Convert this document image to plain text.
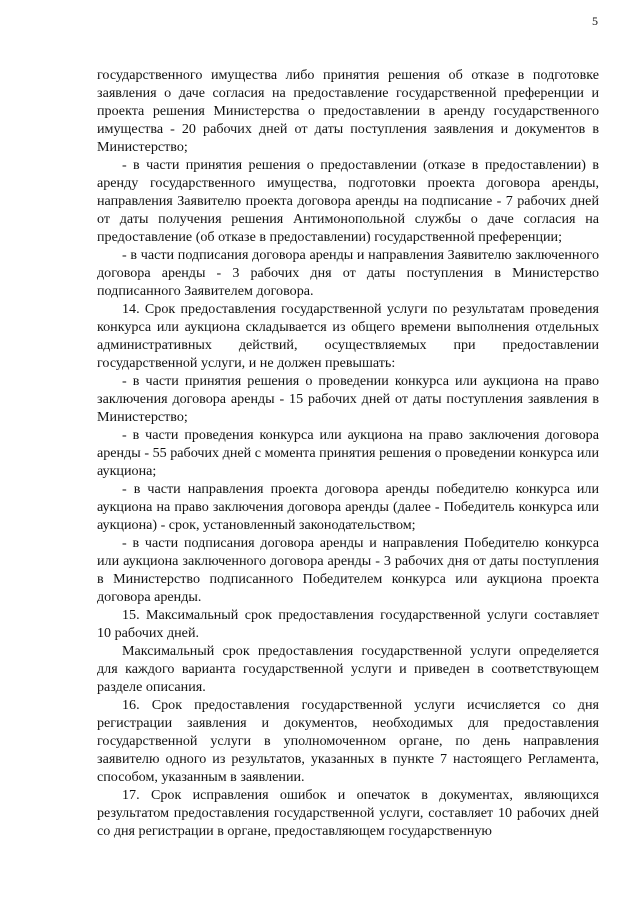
5

государственного имущества либо принятия решения об отказе в подготовке заявления о даче согласия на предоставление государственной преференции и проекта решения Министерства о предоставлении в аренду государственного имущества - 20 рабочих дней от даты поступления заявления и документов в Министерство;

- в части принятия решения о предоставлении (отказе в предоставлении) в аренду государственного имущества, подготовки проекта договора аренды, направления Заявителю проекта договора аренды на подписание - 7 рабочих дней от даты получения решения Антимонопольной службы о даче согласия на предоставление (об отказе в предоставлении) государственной преференции;

- в части подписания договора аренды и направления Заявителю заключенного договора аренды - 3 рабочих дня от даты поступления в Министерство подписанного Заявителем договора.

14. Срок предоставления государственной услуги по результатам проведения конкурса или аукциона складывается из общего времени выполнения отдельных административных действий, осуществляемых при предоставлении государственной услуги, и не должен превышать:

- в части принятия решения о проведении конкурса или аукциона на право заключения договора аренды - 15 рабочих дней от даты поступления заявления в Министерство;

- в части проведения конкурса или аукциона на право заключения договора аренды - 55 рабочих дней с момента принятия решения о проведении конкурса или аукциона;

- в части направления проекта договора аренды победителю конкурса или аукциона на право заключения договора аренды (далее - Победитель конкурса или аукциона) - срок, установленный законодательством;

- в части подписания договора аренды и направления Победителю конкурса или аукциона заключенного договора аренды - 3 рабочих дня от даты поступления в Министерство подписанного Победителем конкурса или аукциона проекта договора аренды.

15. Максимальный срок предоставления государственной услуги составляет 10 рабочих дней.

Максимальный срок предоставления государственной услуги определяется для каждого варианта государственной услуги и приведен в соответствующем разделе описания.

16. Срок предоставления государственной услуги исчисляется со дня регистрации заявления и документов, необходимых для предоставления государственной услуги в уполномоченном органе, по день направления заявителю одного из результатов, указанных в пункте 7 настоящего Регламента, способом, указанным в заявлении.

17. Срок исправления ошибок и опечаток в документах, являющихся результатом предоставления государственной услуги, составляет 10 рабочих дней со дня регистрации в органе, предоставляющем государственную
